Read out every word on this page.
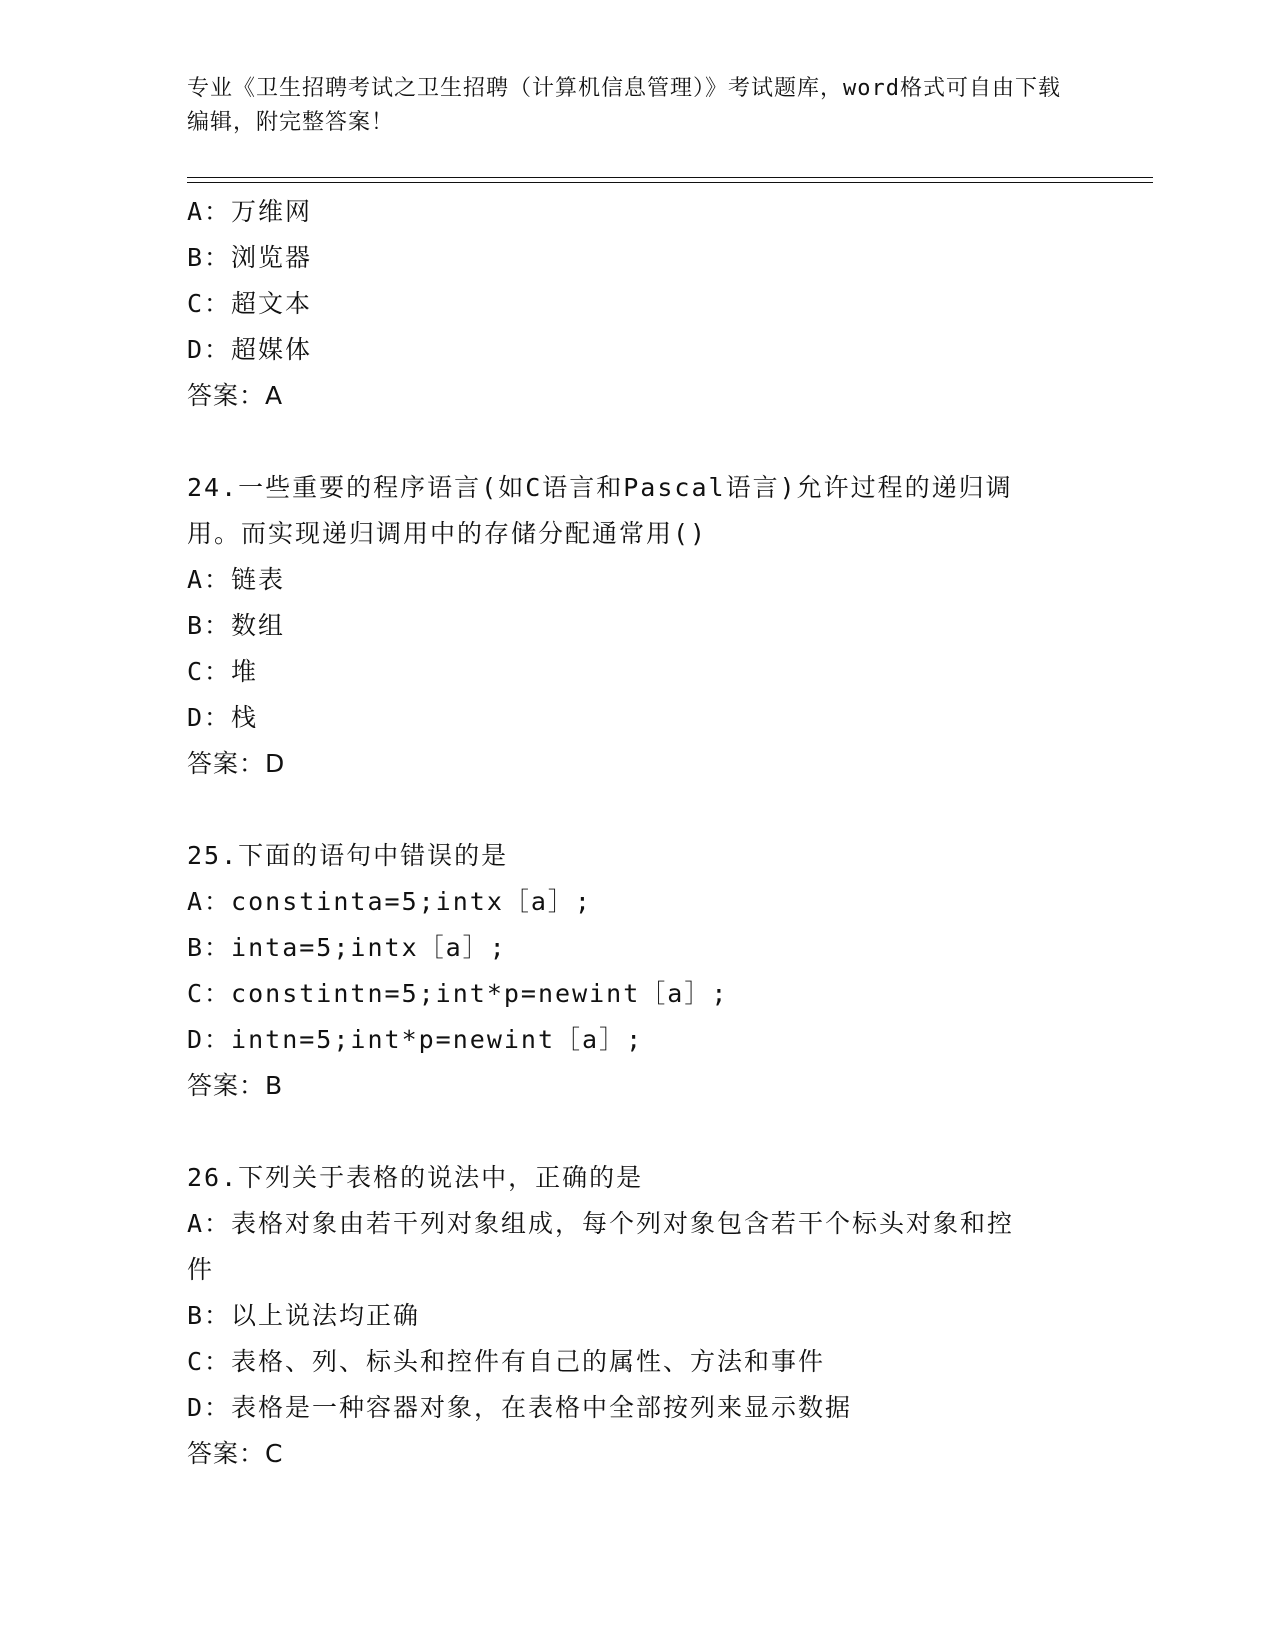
专业《卫生招聘考试之卫生招聘（计算机信息管理）》考试题库，word格式可自由下载编辑，附完整答案！
A：万维网
B：浏览器
C：超文本
D：超媒体
答案：A
24.一些重要的程序语言(如C语言和Pascal语言)允许过程的递归调
用。而实现递归调用中的存储分配通常用()
A：链表
B：数组
C：堆
D：栈
答案：D
25.下面的语句中错误的是
A：constinta=5;intx［a］;
B：inta=5;intx［a］;
C：constintn=5;int*p=newint［a］;
D：intn=5;int*p=newint［a］;
答案：B
26.下列关于表格的说法中，正确的是
A：表格对象由若干列对象组成，每个列对象包含若干个标头对象和控
件
B：以上说法均正确
C：表格、列、标头和控件有自己的属性、方法和事件
D：表格是一种容器对象，在表格中全部按列来显示数据
答案：C
